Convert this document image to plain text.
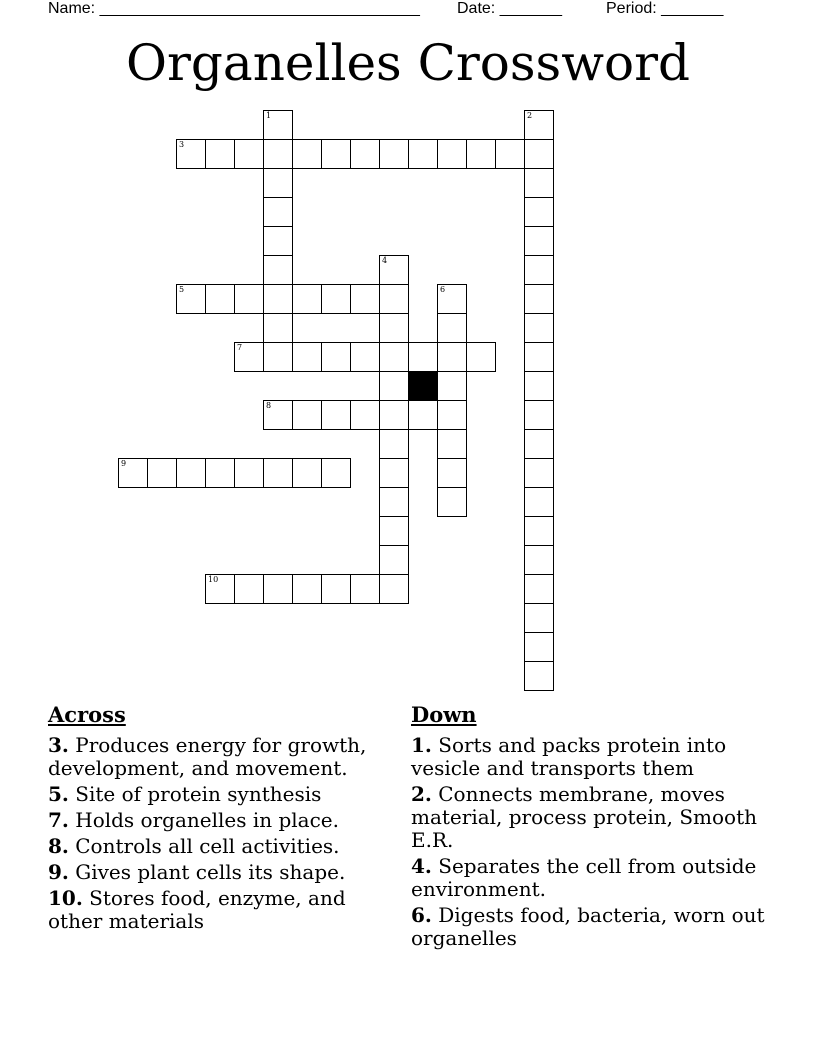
Name: ____________________________________ Date: _______	Period: _______
Organelles Crossword
1	2
3
4
5	6
7
8
9
10
Across
3. Produces energy for growth, development, and movement.
5. Site of protein synthesis
7. Holds organelles in place.
8. Controls all cell activities.
9. Gives plant cells its shape.
10. Stores food, enzyme, and other materials
Down
1. Sorts and packs protein into vesicle and transports them
2. Connects membrane, moves material, process protein, Smooth E.R.
4. Separates the cell from outside environment.
6. Digests food, bacteria, worn out organelles
